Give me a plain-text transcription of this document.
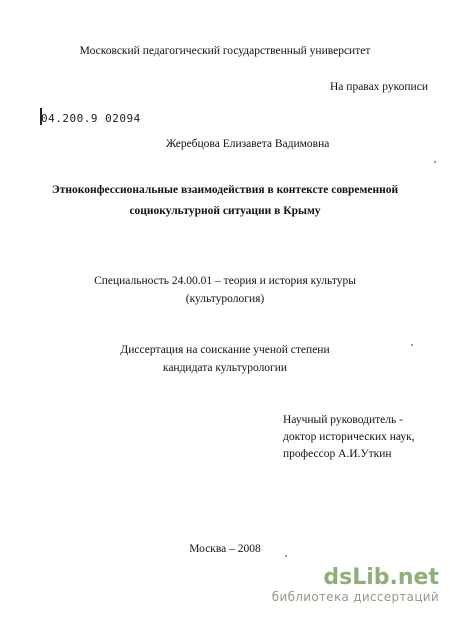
Московский педагогический государственный университет
На правах рукописи
04.200.9 02094
Жеребцова Елизавета Вадимовна
Этноконфессиональные взаимодействия в контексте современной
социокультурной ситуации в Крыму
Специальность 24.00.01 – теория и история культуры
(культурология)
Диссертация на соискание ученой степени
кандидата культурологии
Научный руководитель -
доктор исторических наук,
профессор А.И.Уткин
Москва – 2008
dsLib.net
библиотека диссертаций
